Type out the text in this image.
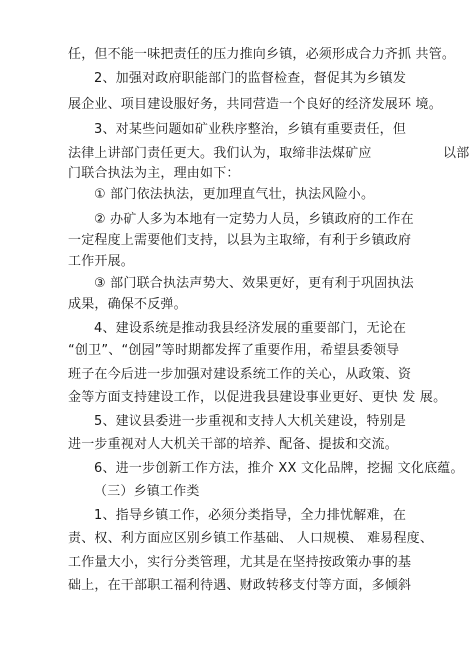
任，但不能一味把责任的压力推向乡镇，必须形成合力齐抓 共管。
2、加强对政府职能部门的监督检查，督促其为乡镇发
展企业、项目建设服好务，共同营造一个良好的经济发展环 境。
3、对某些问题如矿业秩序整治，乡镇有重要责任，但
法律上讲部门责任更大。我们认为，取缔非法煤矿应	以部
门联合执法为主，理由如下：
① 部门依法执法，更加理直气壮，执法风险小。
② 办矿人多为本地有一定势力人员，乡镇政府的工作在
一定程度上需要他们支持，以县为主取缔，有利于乡镇政府
工作开展。
③ 部门联合执法声势大、效果更好，更有利于巩固执法
成果，确保不反弹。
4、建设系统是推动我县经济发展的重要部门，无论在
“创卫”、“创园”等时期都发挥了重要作用，希望县委领导
班子在今后进一步加强对建设系统工作的关心，从政策、资
金等方面支持建设工作，以促进我县建设事业更好、更快 发 展。
5、建议县委进一步重视和支持人大机关建设，特别是
进一步重视对人大机关干部的培养、配备、提拔和交流。
6、进一步创新工作方法，推介 XX 文化品牌，挖掘 文化底蕴。
（三）乡镇工作类
1、指导乡镇工作，必须分类指导，全力排忧解难，在
责、权、利方面应区别乡镇工作基础、 人口规模、 难易程度、
工作量大小，实行分类管理，尤其是在坚持按政策办事的基
础上，在干部职工福利待遇、财政转移支付等方面，多倾斜
